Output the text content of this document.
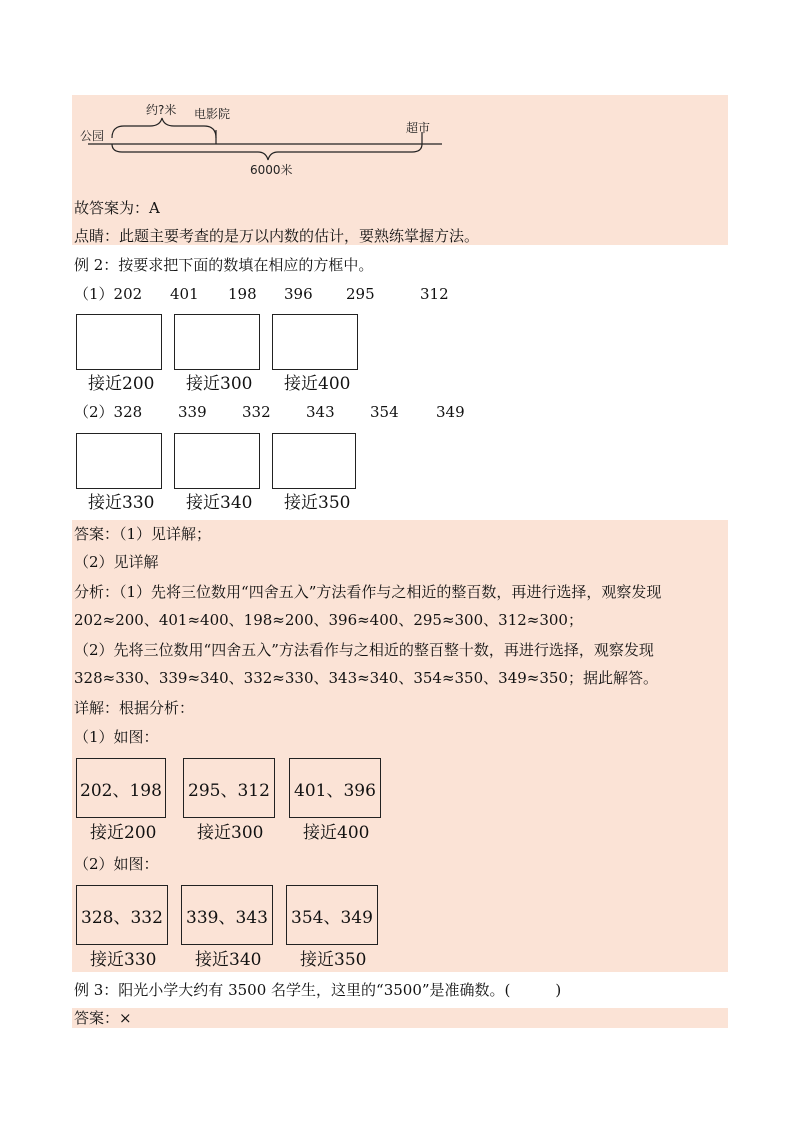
约?米 电影院
公园
超市
6000米
故答案为：A
点睛：此题主要考查的是万以内数的估计，要熟练掌握方法。
例 2：按要求把下面的数填在相应的方框中。
（1）202 401 198 396 295	312
接近200 接近300 接近400
（2）328 339 332 343 354 349
接近330 接近340 接近350
答案：（1）见详解；
（2）见详解
分析：（1）先将三位数用“四舍五入”方法看作与之相近的整百数，再进行选择，观察发现
202≈200、401≈400、198≈200、396≈400、295≈300、312≈300；
（2）先将三位数用“四舍五入”方法看作与之相近的整百整十数，再进行选择，观察发现
328≈330、339≈340、332≈330、343≈340、354≈350、349≈350；据此解答。
详解：根据分析：
（1）如图：
202、198 295、312 401、396
接近200 接近300 接近400
（2）如图：
328、332 339、343 354、349
接近330 接近340 接近350
例 3：阳光小学大约有 3500 名学生，这里的“3500”是准确数。(　　　)
答案：×
